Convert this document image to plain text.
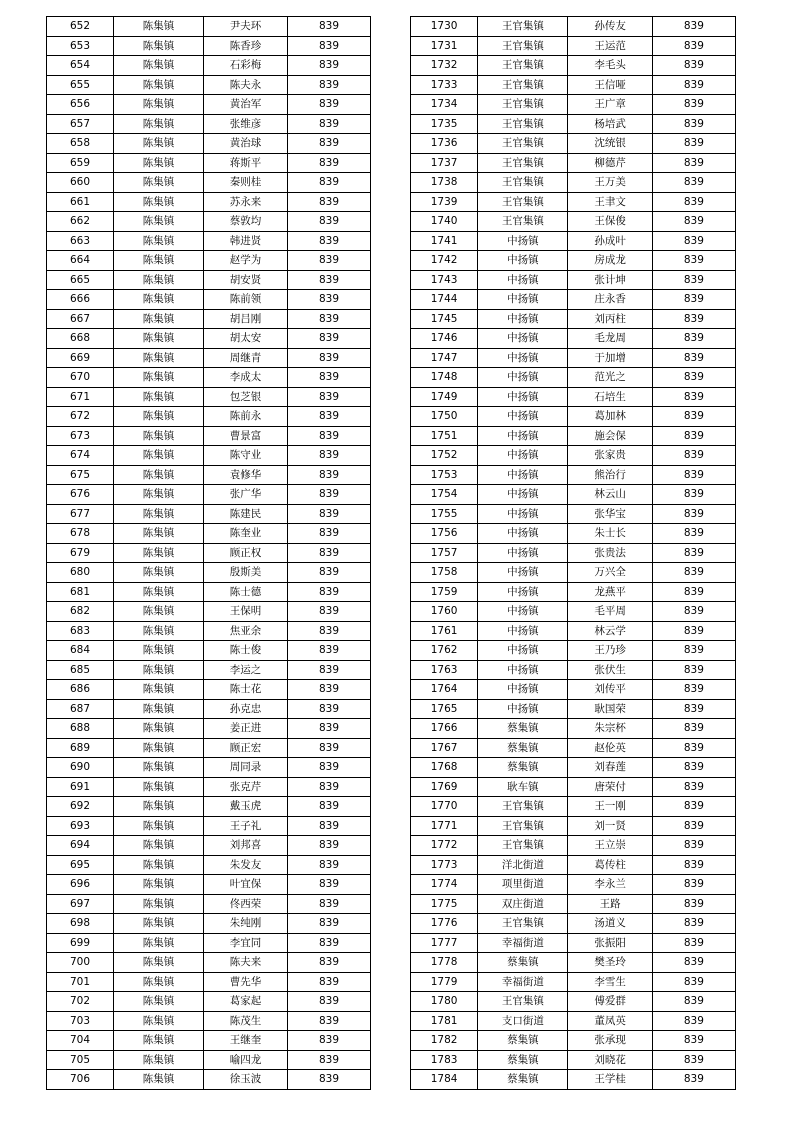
652	陈集镇	尹夫环	839
653	陈集镇	陈香珍	839
654	陈集镇	石彩梅	839
655	陈集镇	陈夫永	839
656	陈集镇	黄治军	839
657	陈集镇	张维彦	839
658	陈集镇	黄治球	839
659	陈集镇	蒋斯平	839
660	陈集镇	秦则桂	839
661	陈集镇	苏永来	839
662	陈集镇	蔡敦均	839
663	陈集镇	韩进贤	839
664	陈集镇	赵学为	839
665	陈集镇	胡安贤	839
666	陈集镇	陈前领	839
667	陈集镇	胡吕刚	839
668	陈集镇	胡太安	839
669	陈集镇	周继青	839
670	陈集镇	李成太	839
671	陈集镇	包芝银	839
672	陈集镇	陈前永	839
673	陈集镇	曹景富	839
674	陈集镇	陈守业	839
675	陈集镇	袁修华	839
676	陈集镇	张广华	839
677	陈集镇	陈建民	839
678	陈集镇	陈奎业	839
679	陈集镇	顾正权	839
680	陈集镇	殷斯美	839
681	陈集镇	陈士德	839
682	陈集镇	王保明	839
683	陈集镇	焦亚余	839
684	陈集镇	陈士俊	839
685	陈集镇	李运之	839
686	陈集镇	陈士花	839
687	陈集镇	孙克忠	839
688	陈集镇	姜正进	839
689	陈集镇	顾正宏	839
690	陈集镇	周同录	839
691	陈集镇	张克芹	839
692	陈集镇	戴玉虎	839
693	陈集镇	王子礼	839
694	陈集镇	刘邦喜	839
695	陈集镇	朱发友	839
696	陈集镇	叶宜保	839
697	陈集镇	佟西荣	839
698	陈集镇	朱纯刚	839
699	陈集镇	李宜同	839
700	陈集镇	陈夫来	839
701	陈集镇	曹先华	839
702	陈集镇	葛家起	839
703	陈集镇	陈茂生	839
704	陈集镇	王继奎	839
705	陈集镇	喻四龙	839
706	陈集镇	徐玉波	839
1730	王官集镇	孙传友	839
1731	王官集镇	王运范	839
1732	王官集镇	李毛头	839
1733	王官集镇	王信哑	839
1734	王官集镇	王广章	839
1735	王官集镇	杨培武	839
1736	王官集镇	沈统银	839
1737	王官集镇	柳德芹	839
1738	王官集镇	王万美	839
1739	王官集镇	王聿文	839
1740	王官集镇	王保俊	839
1741	中扬镇	孙成叶	839
1742	中扬镇	房成龙	839
1743	中扬镇	张计坤	839
1744	中扬镇	庄永香	839
1745	中扬镇	刘丙柱	839
1746	中扬镇	毛龙周	839
1747	中扬镇	于加增	839
1748	中扬镇	范光之	839
1749	中扬镇	石培生	839
1750	中扬镇	葛加林	839
1751	中扬镇	施会保	839
1752	中扬镇	张家贵	839
1753	中扬镇	熊治行	839
1754	中扬镇	林云山	839
1755	中扬镇	张华宝	839
1756	中扬镇	朱士长	839
1757	中扬镇	张贵法	839
1758	中扬镇	万兴全	839
1759	中扬镇	龙燕平	839
1760	中扬镇	毛平周	839
1761	中扬镇	林云学	839
1762	中扬镇	王乃珍	839
1763	中扬镇	张伏生	839
1764	中扬镇	刘传平	839
1765	中扬镇	耿国荣	839
1766	蔡集镇	朱宗杯	839
1767	蔡集镇	赵伦英	839
1768	蔡集镇	刘春莲	839
1769	耿车镇	唐荣付	839
1770	王官集镇	王一刚	839
1771	王官集镇	刘一贤	839
1772	王官集镇	王立崇	839
1773	洋北街道	葛传柱	839
1774	项里街道	李永兰	839
1775	双庄街道	王路	839
1776	王官集镇	汤道义	839
1777	幸福街道	张振阳	839
1778	蔡集镇	樊圣玲	839
1779	幸福街道	李雪生	839
1780	王官集镇	傅爱群	839
1781	支口街道	董凤英	839
1782	蔡集镇	张承现	839
1783	蔡集镇	刘晓花	839
1784	蔡集镇	王学桂	839
